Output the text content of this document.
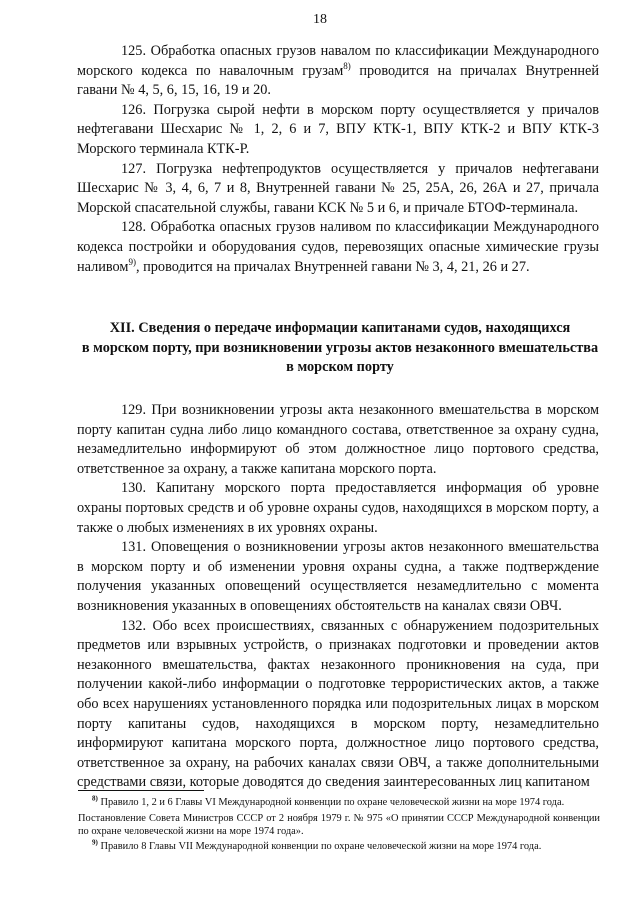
18

125. Обработка опасных грузов навалом по классификации Международного морского кодекса по навалочным грузам$^{8)}$ проводится на причалах Внутренней гавани № 4, 5, 6, 15, 16, 19 и 20.

126. Погрузка сырой нефти в морском порту осуществляется у причалов нефтегавани Шесхарис № 1, 2, 6 и 7, ВПУ КТК-1, ВПУ КТК-2 и ВПУ КТК-3 Морского терминала КТК-Р.

127. Погрузка нефтепродуктов осуществляется у причалов нефтегавани Шесхарис № 3, 4, 6, 7 и 8, Внутренней гавани № 25, 25А, 26, 26А и 27, причала Морской спасательной службы, гавани КСК № 5 и 6, и причале БТОФ-терминала.

128. Обработка опасных грузов наливом по классификации Международного кодекса постройки и оборудования судов, перевозящих опасные химические грузы наливом$^{9)}$, проводится на причалах Внутренней гавани № 3, 4, 21, 26 и 27.

XII. Сведения о передаче информации капитанами судов, находящихся
в морском порту, при возникновении угрозы актов незаконного вмешательства
в морском порту

129. При возникновении угрозы акта незаконного вмешательства в морском порту капитан судна либо лицо командного состава, ответственное за охрану судна, незамедлительно информируют об этом должностное лицо портового средства, ответственное за охрану, а также капитана морского порта.

130. Капитану морского порта предоставляется информация об уровне охраны портовых средств и об уровне охраны судов, находящихся в морском порту, а также о любых изменениях в их уровнях охраны.

131. Оповещения о возникновении угрозы актов незаконного вмешательства в морском порту и об изменении уровня охраны судна, а также подтверждение получения указанных оповещений осуществляется незамедлительно с момента возникновения указанных в оповещениях обстоятельств на каналах связи ОВЧ.

132. Обо всех происшествиях, связанных с обнаружением подозрительных предметов или взрывных устройств, о признаках подготовки и проведении актов незаконного вмешательства, фактах незаконного проникновения на суда, при получении какой-либо информации о подготовке террористических актов, а также обо всех нарушениях установленного порядка или подозрительных лицах в морском порту капитаны судов, находящихся в морском порту, незамедлительно информируют капитана морского порта, должностное лицо портового средства, ответственное за охрану, на рабочих каналах связи ОВЧ, а также дополнительными средствами связи, которые доводятся до сведения заинтересованных лиц капитаном

$^{8)}$ Правило 1, 2 и 6 Главы VI Международной конвенции по охране человеческой жизни на море 1974 года.

Постановление Совета Министров СССР от 2 ноября 1979 г. № 975 «О принятии СССР Международной конвенции по охране человеческой жизни на море 1974 года».

$^{9)}$ Правило 8 Главы VII Международной конвенции по охране человеческой жизни на море 1974 года.
